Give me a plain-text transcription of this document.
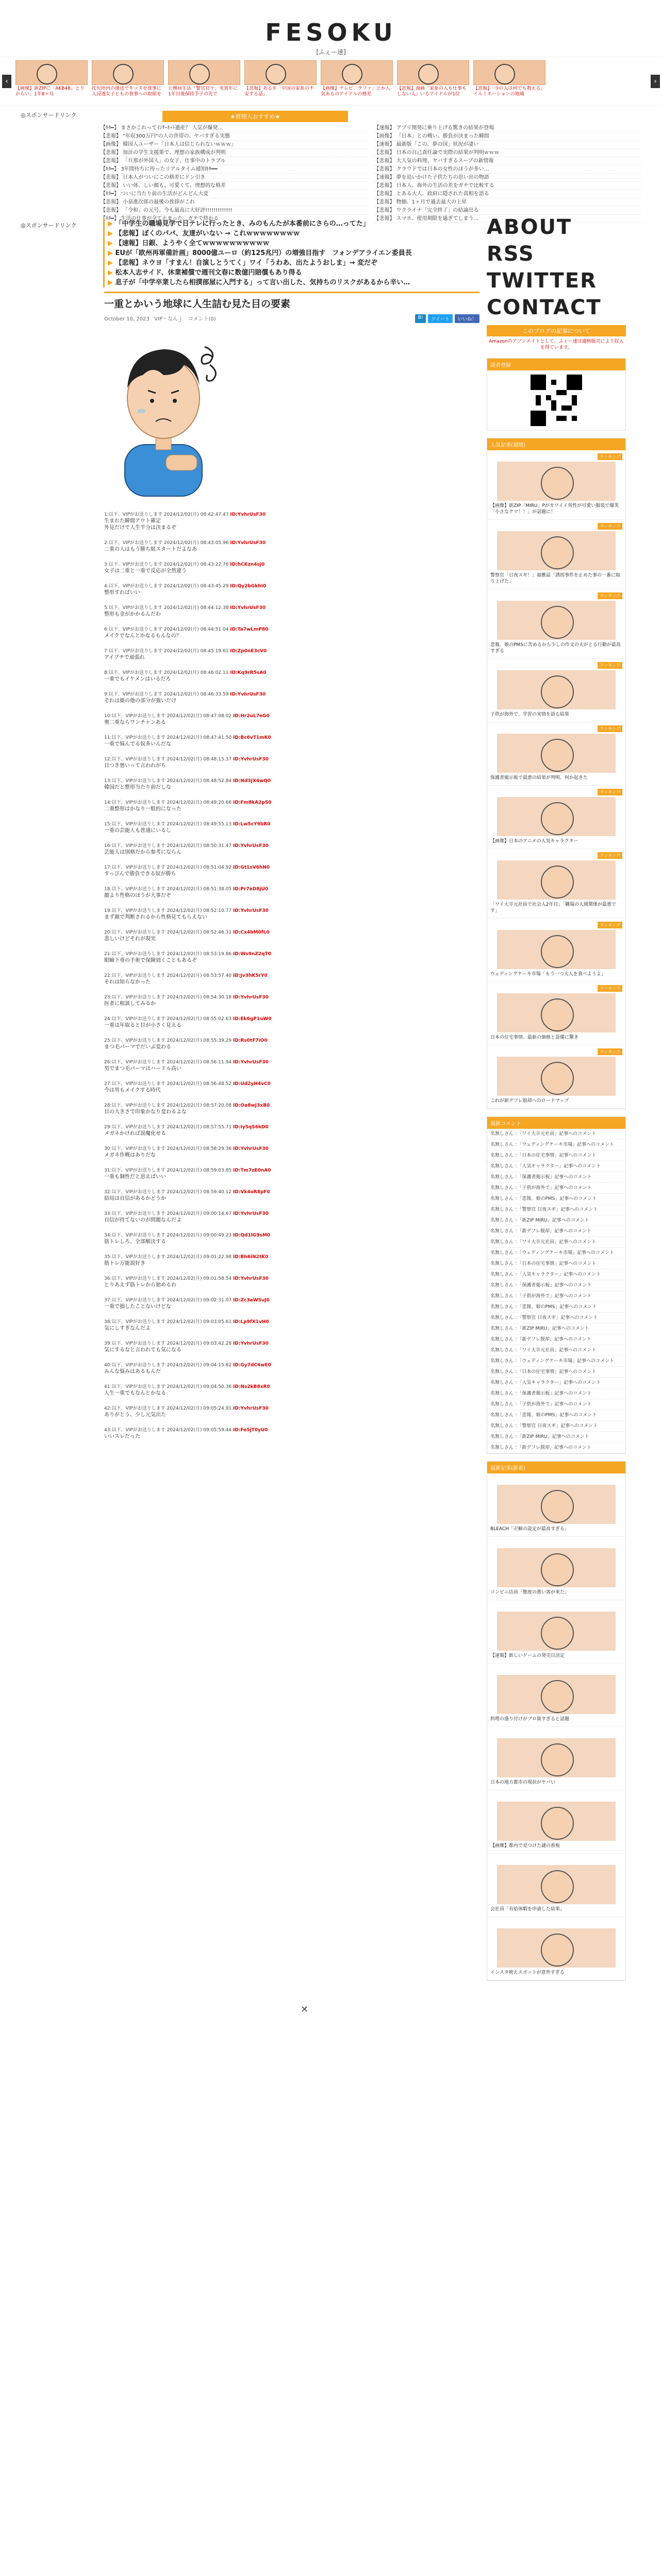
FESOKU
[ふぇー速]
‹
【画像】新ZIPに「AKB48」とりからい」1年8ヶ月
托児所内の運送でキッズを食事に入浸透女子ともの食事への取組を
公務員生活「警官官十」実質年に1年目後保持予子の先で
【悲報】ある年「中国の家系の不安する話」
【画像】テレビ「ラファ」とか人気あるのアイドルの格差
【悲報】漫画「家系の人も仕事もしない人」いるアイドルが1位
【悲報】「今の人は何でも教える」イルミネーションの地域
›
◎スポンサードリンク	★管理人おすすめ★
【ｷﾀ━】 まさかこれってｲﾝﾀｰﾈｯﾄ遺産？ 人気が爆発…
【悲報】 "年収300万円"の人の世帯の、ヤバすぎる実態
【画像】 韓国人ユーザー「日本人は信じられないｗｗｗ」
【悲報】 加計の学生支援策で、理想の家族構成が判明
【悲報】 「旦那が外国人」の女子、仕事中のトラブル
【ｷﾀ━】 3年間待ちに待ったリアルタイム通知ｷﾀ━━
【悲報】 日本人がついにこの格差にドン引き
【悲報】 いい体、しい顔も、可愛くて、理想的な格差
【ｷﾀ━】 ついに当たり前の生活がどんどん大変
【悲報】 小泉進次郎の最後の挨拶がこれ
【悲報】 「令和」の元号、今も最高に大好評!!!!!!!!!!!!!
【ｷﾀ━】 生活の仕事が全て止まった…ガチで終わる
【速報】 アプリ開発に乗り上げる驚きの結果が登場
【画像】 「日本」との戦い、勝負が決まった瞬間
【速報】 最新版「この、夢の国」状況が凄い
【悲報】 日本の自己責任論で実際の結果が判明ｗｗｗ
【悲報】 大人気の料理、ヤバすぎるスープの新情報
【悲報】 クラウドでは日本の女性のほうが多い…
【速報】 夢を追いかけた子供たちの思い出の物語
【悲報】 日本人、海外の生活の差をガチで比較する
【悲報】 とある大人、政府に隠された真相を語る
【悲報】 物価、1ヶ月で過去最大の上昇
【悲報】 ウクライナ「完全終了」の結論出る
【悲報】 スマホ、使用期限を過ぎてしまう…
◎スポンサードリンク
▶	「中学生の職場見学で日テレに行ったとき、みのもんたが本番前にさらの…ってた」
▶ 【悲報】ぼくのパパ、友達がいない → これｗｗｗｗｗｗｗｗ
▶ 【速報】日銀、ようやく全てｗｗｗｗｗｗｗｗｗｗ
▶ EUが「欧州再軍備計画」8000億ユーロ（約125兆円）の増強目指す　フォンデアライエン委員長
▶ 【悲報】ネウヨ「すまん！自演しとうてく」ワイ「うわあ、出たようおしま」→ 変だぞ
▶ 松本人志サイド、休業補償で週刊文春に数億円賠償もあり得る
▶ 息子が「中学卒業したら相撲部屋に入門する」って言い出した、気持ちのリスクがあるから辛い…
一重とかいう地球に人生詰む見た目の要素
October 10, 2023 VIP・なんｊ コメント(0)	B!	ツイート	いいね！
1:以下、VIPがお送りします 2024/12/02(月) 08:42:47.47 ID:YvhrUsF30
生まれた瞬間アウト確定
外見だけで人生半分は決まるぞ
2:以下、VIPがお送りします 2024/12/02(月) 08:43:05.96 ID:YvhrUsF30
二重の人はもう勝ち組スタートだよなあ
3:以下、VIPがお送りします 2024/12/02(月) 08:43:22.76 ID:hCKzn4sj0
女子は二重と一重で反応が全然違う
4:以下、VIPがお送りします 2024/12/02(月) 08:43:45.29 ID:Qy2bGkhI0
整形すればいい
5:以下、VIPがお送りします 2024/12/02(月) 08:44:12.38 ID:YvhrUsF30
整形も金がかかるんだわ
6:以下、VIPがお送りします 2024/12/02(月) 08:44:51.04 ID:Ta7wLmP80
メイクでなんとかなるもんなの？
7:以下、VIPがお送りします 2024/12/02(月) 08:45:19.61 ID:Zp0nE3cV0
アイプチで頑張れ
8:以下、VIPがお送りします 2024/12/02(月) 08:46:02.11 ID:Kq9rR5sA0
一重でもイケメンはいるだろ
9:以下、VIPがお送りします 2024/12/02(月) 08:46:33.59 ID:YvhrUsF30
それは顔の他の部分が強いだけ
10:以下、VIPがお送りします 2024/12/02(月) 08:47:08.02 ID:Hr2uL7eG0
奥二重ならワンチャンある
11:以下、VIPがお送りします 2024/12/02(月) 08:47:41.50 ID:Bc6vT1mK0
一重で悩んでる奴多いんだな
12:以下、VIPがお送りします 2024/12/02(月) 08:48:15.37 ID:YvhrUsF30
目つき悪いって言われがち
13:以下、VIPがお送りします 2024/12/02(月) 08:48:52.84 ID:Nd3jX4wQ0
韓国だと整形当たり前だしな
14:以下、VIPがお送りします 2024/12/02(月) 08:49:20.66 ID:Fm8kA2pS0
二重整形はかなり一般的になった
15:以下、VIPがお送りします 2024/12/02(月) 08:49:55.13 ID:Lw5cY9bR0
一重の芸能人も普通にいるし
16:以下、VIPがお送りします 2024/12/02(月) 08:50:31.47 ID:YvhrUsF30
芸能人は別格だから参考にならん
17:以下、VIPがお送りします 2024/12/02(月) 08:51:04.92 ID:Gt1sV6hN0
すっぴんで勝負できる奴が勝ち
18:以下、VIPがお送りします 2024/12/02(月) 08:51:38.05 ID:Pr7eD8jU0
顔より性格のほうが大事だぞ
19:以下、VIPがお送りします 2024/12/02(月) 08:52:10.77 ID:YvhrUsF30
まず顔で判断されるから性格見てもらえない
20:以下、VIPがお送りします 2024/12/02(月) 08:52:46.31 ID:Cx4bM0fL0
悲しいけどそれが現実
21:以下、VIPがお送りします 2024/12/02(月) 08:53:19.86 ID:Ws9nZ2qT0
眼瞼下垂の手術で保険効くこともあるぞ
22:以下、VIPがお送りします 2024/12/02(月) 08:53:57.40 ID:Jv3hK5rY0
それは知らなかった
23:以下、VIPがお送りします 2024/12/02(月) 08:54:30.18 ID:YvhrUsF30
医者に相談してみるか
24:以下、VIPがお送りします 2024/12/02(月) 08:55:02.63 ID:Ek6gP1uW0
一重は年取ると目が小さく見える
25:以下、VIPがお送りします 2024/12/02(月) 08:55:39.29 ID:Rs0tF7iO0
まつ毛パーマでだいぶ変わる
26:以下、VIPがお送りします 2024/12/02(月) 08:56:11.94 ID:YvhrUsF30
男でまつ毛パーマはハードル高い
27:以下、VIPがお送りします 2024/12/02(月) 08:56:48.52 ID:Ud2yH4vC0
今は男もメイクする時代
28:以下、VIPがお送りします 2024/12/02(月) 08:57:20.08 ID:Oa8wJ3xB0
目の大きさで印象かなり変わるよな
29:以下、VIPがお送りします 2024/12/02(月) 08:57:55.71 ID:Iy5qS6kD0
メガネかければ誤魔化せる
30:以下、VIPがお送りします 2024/12/02(月) 08:58:29.36 ID:YvhrUsF30
メガネ作戦はありだな
31:以下、VIPがお送りします 2024/12/02(月) 08:59:03.85 ID:Tm7zE0nA0
一重も個性だと思えばいい
32:以下、VIPがお送りします 2024/12/02(月) 08:59:40.12 ID:Vk4oR8pF0
結局は自信があるかどうか
33:以下、VIPがお送りします 2024/12/02(月) 09:00:14.67 ID:YvhrUsF30
自信が持てないのが問題なんだよ
34:以下、VIPがお送りします 2024/12/02(月) 09:00:49.23 ID:Qd1lG9sM0
筋トレしろ、全部解決する
35:以下、VIPがお送りします 2024/12/02(月) 09:01:22.98 ID:Bh6iN2tK0
筋トレ万能説好き
36:以下、VIPがお送りします 2024/12/02(月) 09:01:58.54 ID:YvhrUsF30
とりあえず筋トレから始めるわ
37:以下、VIPがお送りします 2024/12/02(月) 09:02:31.07 ID:Zc3aW5uJ0
一重で損したことないけどな
38:以下、VIPがお送りします 2024/12/02(月) 09:03:05.61 ID:Lp9fX1vH0
気にしすぎなんだよ
39:以下、VIPがお送りします 2024/12/02(月) 09:03:42.28 ID:YvhrUsF30
気にするなと言われても気になる
40:以下、VIPがお送りします 2024/12/02(月) 09:04:15.82 ID:Gy7dC4wE0
みんな悩みはあるもんだ
41:以下、VIPがお送りします 2024/12/02(月) 09:04:50.36 ID:Ns2kB8xR0
人生一重でもなんとかなる
42:以下、VIPがお送りします 2024/12/02(月) 09:05:24.91 ID:YvhrUsF30
ありがとう、少し元気出た
43:以下、VIPがお送りします 2024/12/02(月) 09:05:59.44 ID:Fe5jT0yU0
いいスレだった
ABOUT
RSS
TWITTER
CONTACT
このブログの記事について
Amazonのアソシエイトとして、ふぇー速は適格販売により収入を得ています。
読者登録
人気記事(週間)
ランキング
【画像】新ZIP「MIRU」Pがカワイイ男性が可愛い服装で爆笑「小さなクマ！！」が話題に！
ランキング
警察官「日夜スギ！」福雅誌「誘拐事件を止めた事の一番に取り上げた」
ランキング
悲報、娘のPMSに苦めるから少しの作文の夫がとる行動が最高すぎる
ランキング
子供が海外で、学習の実情を語る結果
ランキング
保護者掲示板で最悪の結果が判明、何か起きた
ランキング
【画像】日本のアニメの人気キャラクター
ランキング
「ワイ大卒元社員で社会人2年目」「職場の人間関係が最悪です」
ランキング
ウェディングケーキ市場「もう一つ大人を食べようよ」
ランキング
日本の住宅事情、最新の価格と設備に驚き
ランキング
これが新デフレ脱却へのロードマップ
最新コメント
名無しさん ：「ワイ大卒元社員」記事へのコメント
名無しさん ：「ウェディングケーキ市場」記事へのコメント
名無しさん ：「日本の住宅事情」記事へのコメント
名無しさん ：「人気キャラクター」記事へのコメント
名無しさん ：「保護者掲示板」記事へのコメント
名無しさん ：「子供が海外で」記事へのコメント
名無しさん ：「悲報、娘のPMS」記事へのコメント
名無しさん ：「警察官 日夜スギ」記事へのコメント
名無しさん ：「新ZIP MIRU」記事へのコメント
名無しさん ：「新デフレ脱却」記事へのコメント
名無しさん ：「ワイ大卒元社員」記事へのコメント
名無しさん ：「ウェディングケーキ市場」記事へのコメント
名無しさん ：「日本の住宅事情」記事へのコメント
名無しさん ：「人気キャラクター」記事へのコメント
名無しさん ：「保護者掲示板」記事へのコメント
名無しさん ：「子供が海外で」記事へのコメント
名無しさん ：「悲報、娘のPMS」記事へのコメント
名無しさん ：「警察官 日夜スギ」記事へのコメント
名無しさん ：「新ZIP MIRU」記事へのコメント
名無しさん ：「新デフレ脱却」記事へのコメント
名無しさん ：「ワイ大卒元社員」記事へのコメント
名無しさん ：「ウェディングケーキ市場」記事へのコメント
名無しさん ：「日本の住宅事情」記事へのコメント
名無しさん ：「人気キャラクター」記事へのコメント
名無しさん ：「保護者掲示板」記事へのコメント
名無しさん ：「子供が海外で」記事へのコメント
名無しさん ：「悲報、娘のPMS」記事へのコメント
名無しさん ：「警察官 日夜スギ」記事へのコメント
名無しさん ：「新ZIP MIRU」記事へのコメント
名無しさん ：「新デフレ脱却」記事へのコメント
最新記事(新着)
BLEACH「卍解の設定が最高すぎる」
コンビニ店員「態度の悪い客が来た」
【速報】新しいゲームの発売日決定
料理の盛り付けがプロ級すぎると話題
日本の地方都市の現状がヤバい
【画像】都内で見つけた謎の看板
会社員「有給休暇を申請した結果」
インスタ映えスポットが意外すぎる
✕
